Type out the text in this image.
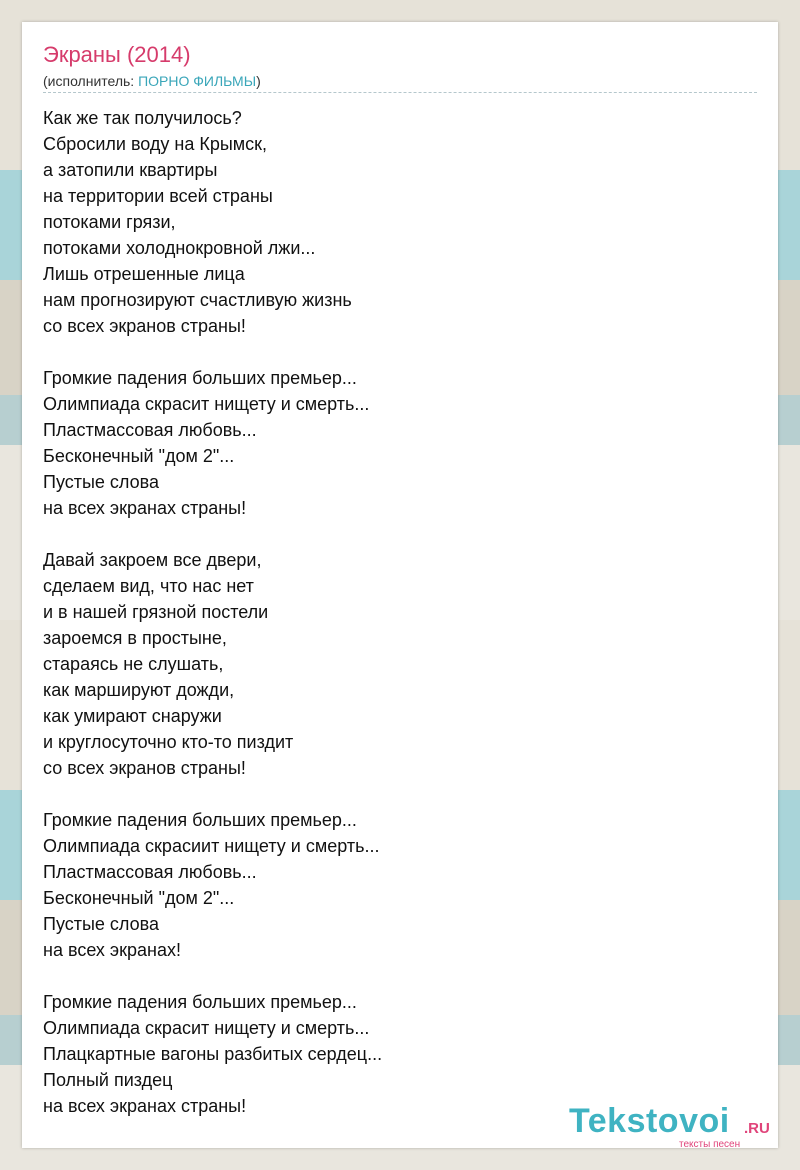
Экраны (2014)
(исполнитель: ПОРНО ФИЛЬМЫ)
Как же так получилось?
Сбросили воду на Крымск,
а затопили квартиры
на территории всей страны
потоками грязи,
потоками холоднокровной лжи...
Лишь отрешенные лица
нам прогнозируют счастливую жизнь
со всех экранов страны!
Громкие падения больших премьер...
Олимпиада скрасит нищету и смерть...
Пластмассовая любовь...
Бесконечный "дом 2"...
Пустые слова
на всех экранах страны!
Давай закроем все двери,
сделаем вид, что нас нет
и в нашей грязной постели
зароемся в простыне,
стараясь не слушать,
как маршируют дожди,
как умирают снаружи
и круглосуточно кто-то пиздит
со всех экранов страны!
Громкие падения больших премьер...
Олимпиада скрасиит нищету и смерть...
Пластмассовая любовь...
Бесконечный "дом 2"...
Пустые слова
на всех экранах!
Громкие падения больших премьер...
Олимпиада скрасит нищету и смерть...
Плацкартные вагоны разбитых сердец...
Полный пиздец
на всех экранах страны!	Tekstovoi .RU
тексты песен
